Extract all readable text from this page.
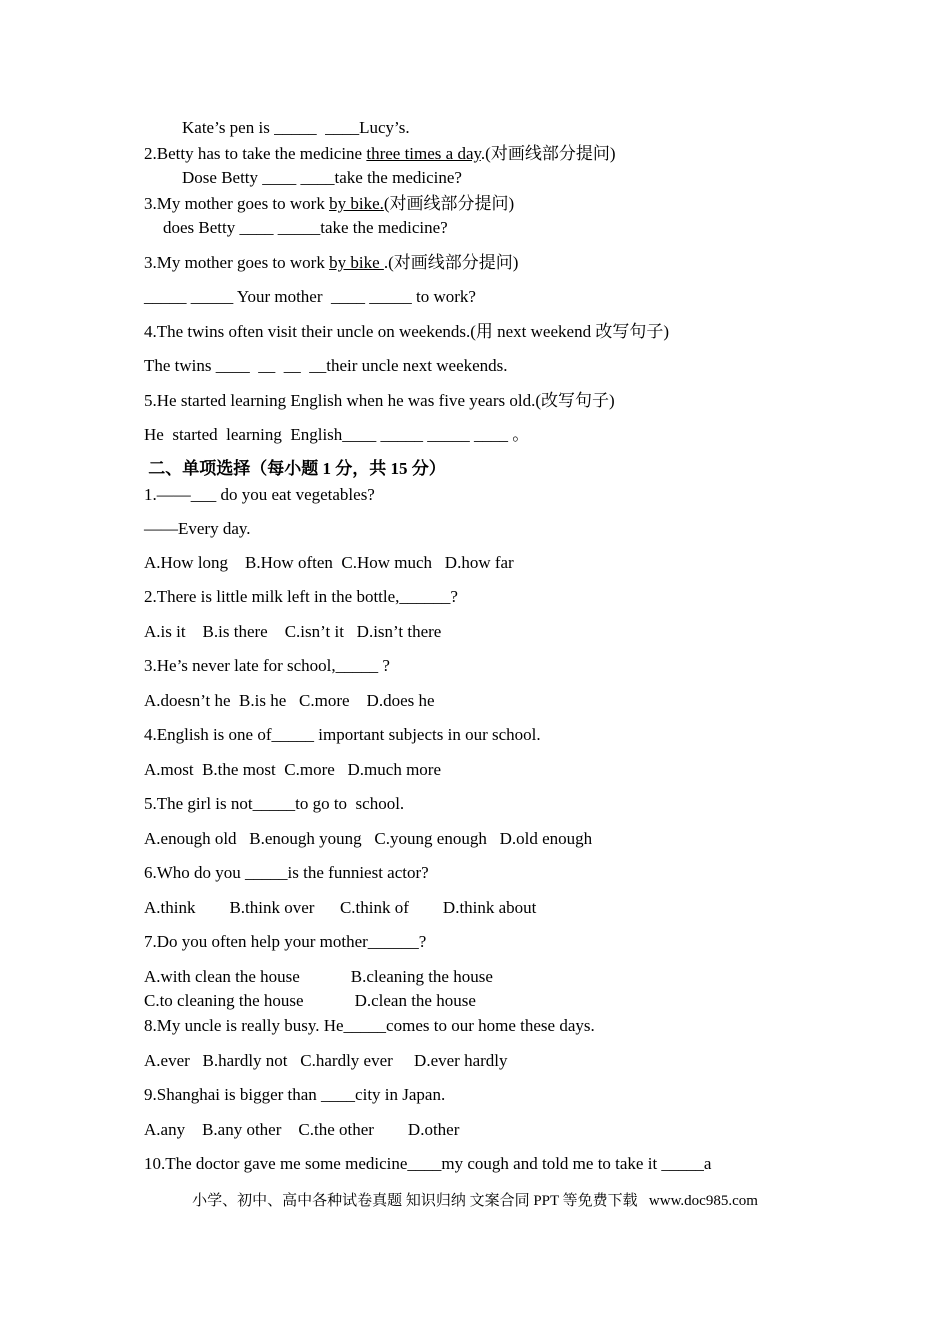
Kate’s pen is _____  ____Lucy’s.
2.Betty has to take the medicine three times a day.(对画线部分提问)
Dose Betty ____ ____take the medicine?
3.My mother goes to work by bike.(对画线部分提问)
does Betty ____ _____take the medicine?
3.My mother goes to work by bike .(对画线部分提问)
_____ _____ Your mother  ____ _____ to work?
4.The twins often visit their uncle on weekends.(用 next weekend 改写句子)
The twins ____  __  __  __their uncle next weekends.
5.He started learning English when he was five years old.(改写句子)
He  started  learning  English____ _____ _____ ____ 。
二、单项选择（每小题 1 分，共 15 分）
1.——___ do you eat vegetables?
——Every day.
A.How long    B.How often  C.How much   D.how far
2.There is little milk left in the bottle,______?
A.is it    B.is there    C.isn’t it   D.isn’t there
3.He’s never late for school,_____ ?
A.doesn’t he  B.is he   C.more    D.does he
4.English is one of_____ important subjects in our school.
A.most  B.the most  C.more   D.much more
5.The girl is not_____to go to  school.
A.enough old   B.enough young   C.young enough   D.old enough
6.Who do you _____is the funniest actor?
A.think        B.think over      C.think of        D.think about
7.Do you often help your mother______?
A.with clean the house            B.cleaning the house
C.to cleaning the house            D.clean the house
8.My uncle is really busy. He_____comes to our home these days.
A.ever   B.hardly not   C.hardly ever     D.ever hardly
9.Shanghai is bigger than ____city in Japan.
A.any    B.any other    C.the other        D.other
10.The doctor gave me some medicine____my cough and told me to take it _____a
小学、初中、高中各种试卷真题 知识归纳 文案合同 PPT 等免费下载   www.doc985.com
